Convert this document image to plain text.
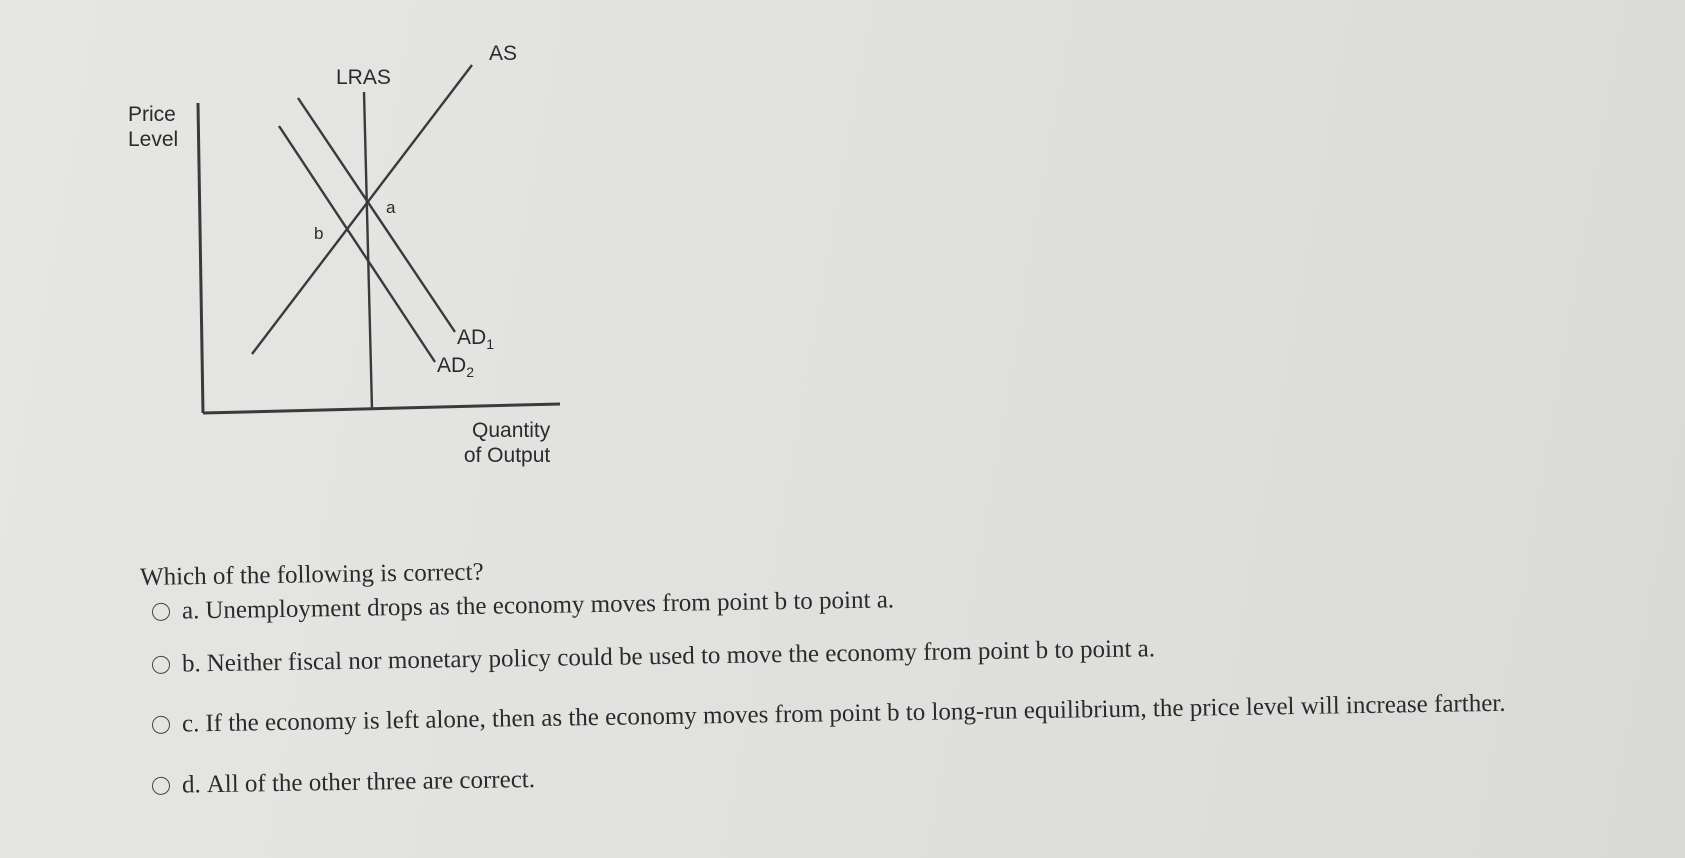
Price
Level
Quantity
of Output
LRAS
AS
$AD_1$
$AD_2$
a
b
Which of the following is correct?
a. Unemployment drops as the economy moves from point b to point a.
b. Neither fiscal nor monetary policy could be used to move the economy from point b to point a.
c. If the economy is left alone, then as the economy moves from point b to long-run equilibrium, the price level will increase farther.
d. All of the other three are correct.
